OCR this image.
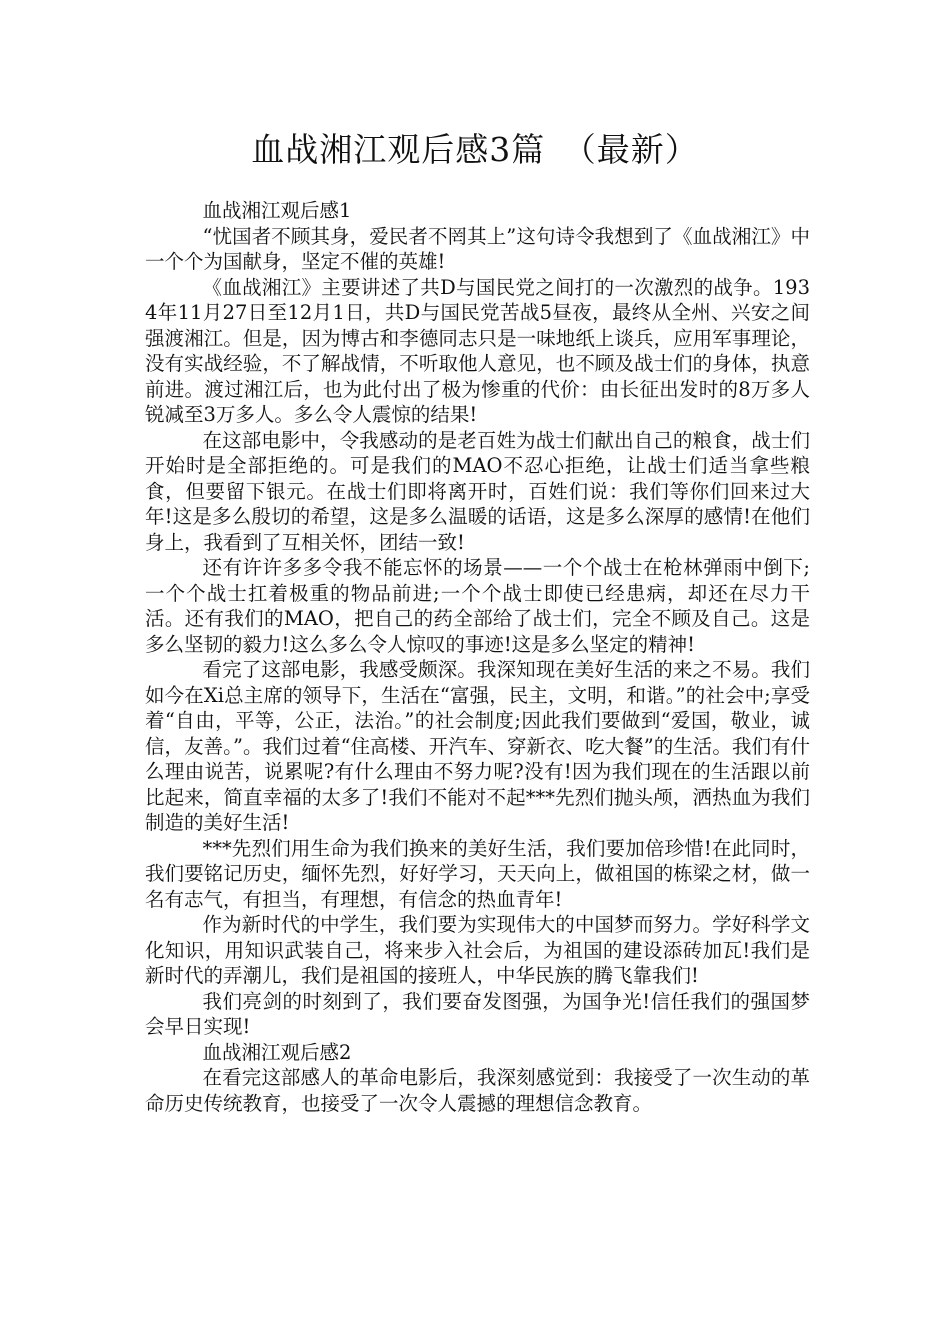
血战湘江观后感3篇　（最新）

血战湘江观后感1

“忧国者不顾其身，爱民者不罔其上”这句诗令我想到了《血战湘江》中一个个为国献身，坚定不催的英雄!

《血战湘江》主要讲述了共D与国民党之间打的一次激烈的战争。1934年11月27日至12月1日，共D与国民党苦战5昼夜，最终从全州、兴安之间强渡湘江。但是，因为博古和李德同志只是一味地纸上谈兵，应用军事理论，没有实战经验，不了解战情，不听取他人意见，也不顾及战士们的身体，执意前进。渡过湘江后，也为此付出了极为惨重的代价：由长征出发时的8万多人锐减至3万多人。多么令人震惊的结果!

在这部电影中，令我感动的是老百姓为战士们献出自己的粮食，战士们开始时是全部拒绝的。可是我们的MAO不忍心拒绝，让战士们适当拿些粮食，但要留下银元。在战士们即将离开时，百姓们说：我们等你们回来过大年!这是多么殷切的希望，这是多么温暖的话语，这是多么深厚的感情!在他们身上，我看到了互相关怀，团结一致!

还有许许多多令我不能忘怀的场景——一个个战士在枪林弹雨中倒下;一个个战士扛着极重的物品前进;一个个战士即使已经患病，却还在尽力干活。还有我们的MAO，把自己的药全部给了战士们，完全不顾及自己。这是多么坚韧的毅力!这么多么令人惊叹的事迹!这是多么坚定的精神!

看完了这部电影，我感受颇深。我深知现在美好生活的来之不易。我们如今在Xi总主席的领导下，生活在“富强，民主，文明，和谐。”的社会中;享受着“自由，平等，公正，法治。”的社会制度;因此我们要做到“爱国，敬业，诚信，友善。”。我们过着“住高楼、开汽车、穿新衣、吃大餐”的生活。我们有什么理由说苦，说累呢?有什么理由不努力呢?没有!因为我们现在的生活跟以前比起来，简直幸福的太多了!我们不能对不起***先烈们抛头颅，洒热血为我们制造的美好生活!

***先烈们用生命为我们换来的美好生活，我们要加倍珍惜!在此同时，我们要铭记历史，缅怀先烈，好好学习，天天向上，做祖国的栋梁之材，做一名有志气，有担当，有理想，有信念的热血青年!

作为新时代的中学生，我们要为实现伟大的中国梦而努力。学好科学文化知识，用知识武装自己，将来步入社会后，为祖国的建设添砖加瓦!我们是新时代的弄潮儿，我们是祖国的接班人，中华民族的腾飞靠我们!

我们亮剑的时刻到了，我们要奋发图强，为国争光!信任我们的强国梦会早日实现!

血战湘江观后感2

在看完这部感人的革命电影后，我深刻感觉到：我接受了一次生动的革命历史传统教育，也接受了一次令人震撼的理想信念教育。
